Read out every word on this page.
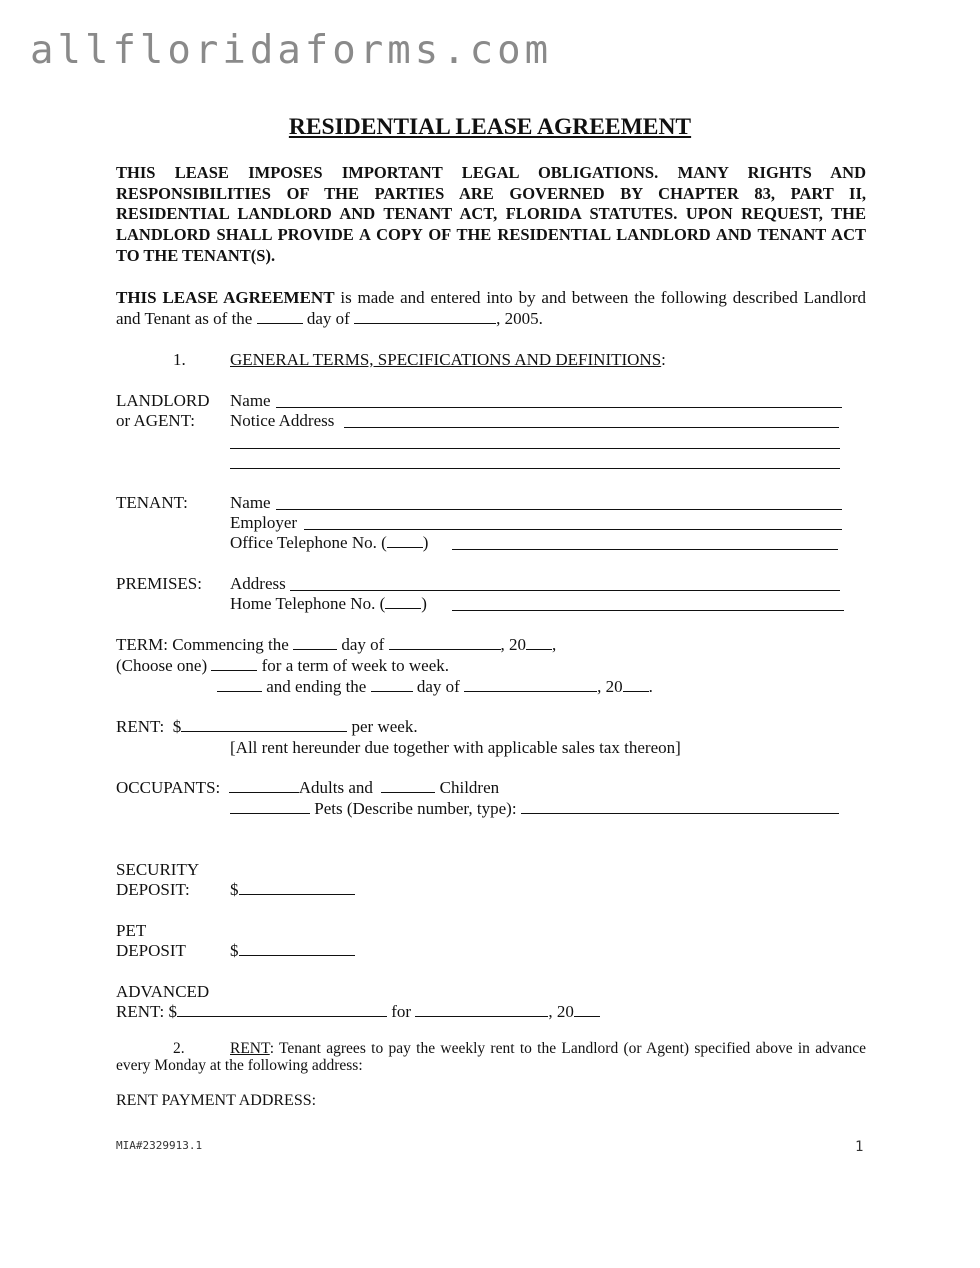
allfloridaforms.com
RESIDENTIAL LEASE AGREEMENT
THIS LEASE IMPOSES IMPORTANT LEGAL OBLIGATIONS. MANY RIGHTS AND RESPONSIBILITIES OF THE PARTIES ARE GOVERNED BY CHAPTER 83, PART II, RESIDENTIAL LANDLORD AND TENANT ACT, FLORIDA STATUTES. UPON REQUEST, THE LANDLORD SHALL PROVIDE A COPY OF THE RESIDENTIAL LANDLORD AND TENANT ACT TO THE TENANT(S).
THIS LEASE AGREEMENT is made and entered into by and between the following described Landlord and Tenant as of the	day of	, 2005.
1.	GENERAL TERMS, SPECIFICATIONS AND DEFINITIONS:
LANDLORD
or AGENT:
Name
Notice Address
TENANT: Name
Employer
Office Telephone No. ( )
PREMISES: Address
Home Telephone No. ( )
TERM: Commencing the	day of	, 20 ,
(Choose one)	for a term of week to week.
and ending the  day of	, 20 .
RENT:  $	per week.
[All rent hereunder due together with applicable sales tax thereon]
OCCUPANTS:	Adults and	Children
Pets (Describe number, type):
SECURITY
DEPOSIT: $
PET
DEPOSIT	$
ADVANCED
RENT: $	for	, 20
2.	RENT: Tenant agrees to pay the weekly rent to the Landlord (or Agent) specified above in advance every Monday at the following address:
RENT PAYMENT ADDRESS:
MIA#2329913.1	1
